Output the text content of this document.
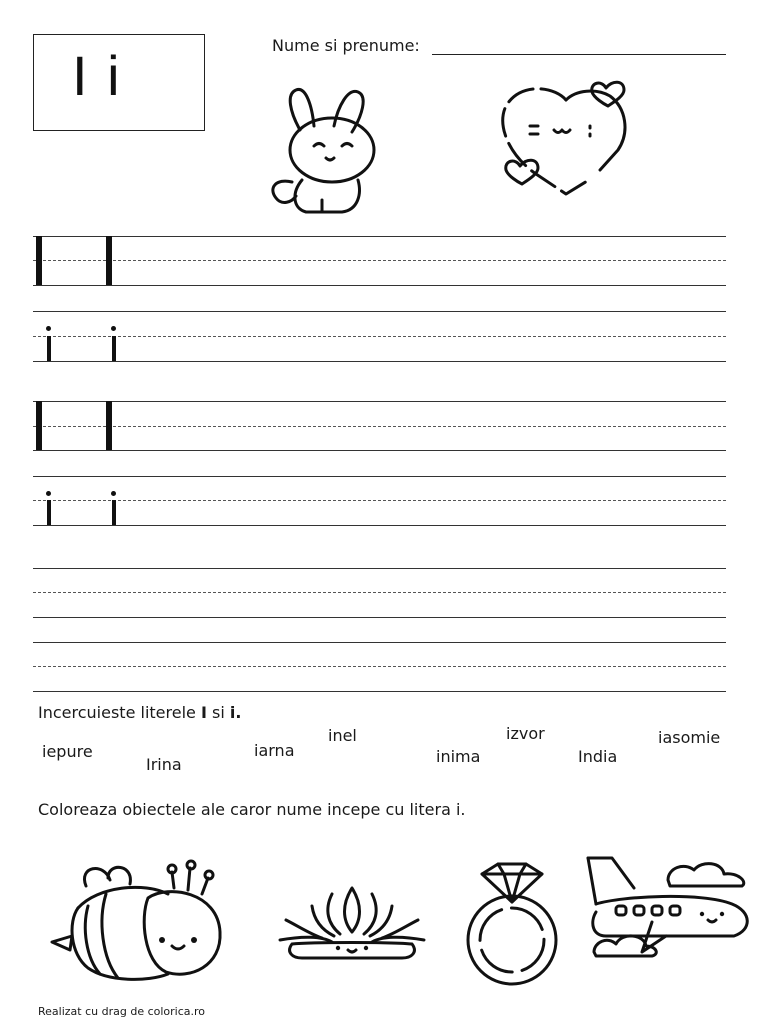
I i	Nume si prenume:
Incercuieste literele I si i.
iepure
Irina
iarna
inel
inima
izvor
India
iasomie
Coloreaza obiectele ale caror nume incepe cu litera i.
Realizat cu drag de colorica.ro
